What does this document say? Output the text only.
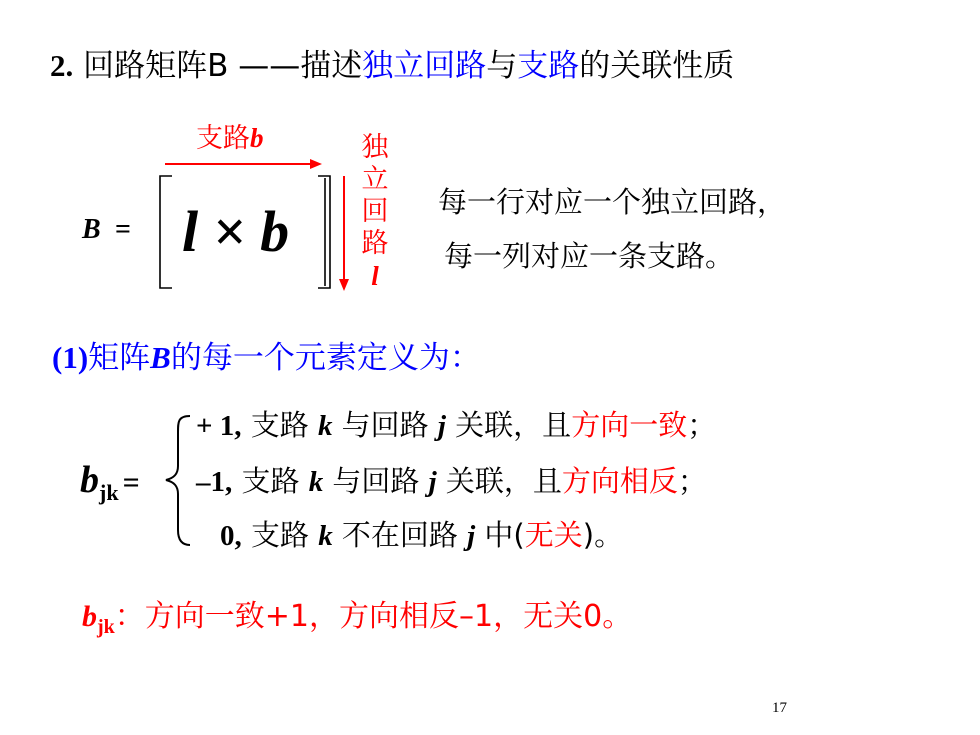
2. 回路矩阵B ——描述独立回路与支路的关联性质
B = l × b
支路b	独
立
回
路
l
每一行对应一个独立回路，
每一列对应一条支路。
(1)矩阵B的每一个元素定义为：
$b_{jk}$ =
+ 1, 支路 k 与回路 j 关联，且方向一致；
–1, 支路 k 与回路 j 关联，且方向相反；
0, 支路 k 不在回路 j 中(无关)。
$b_{jk}$：方向一致+1，方向相反–1，无关0。
17
